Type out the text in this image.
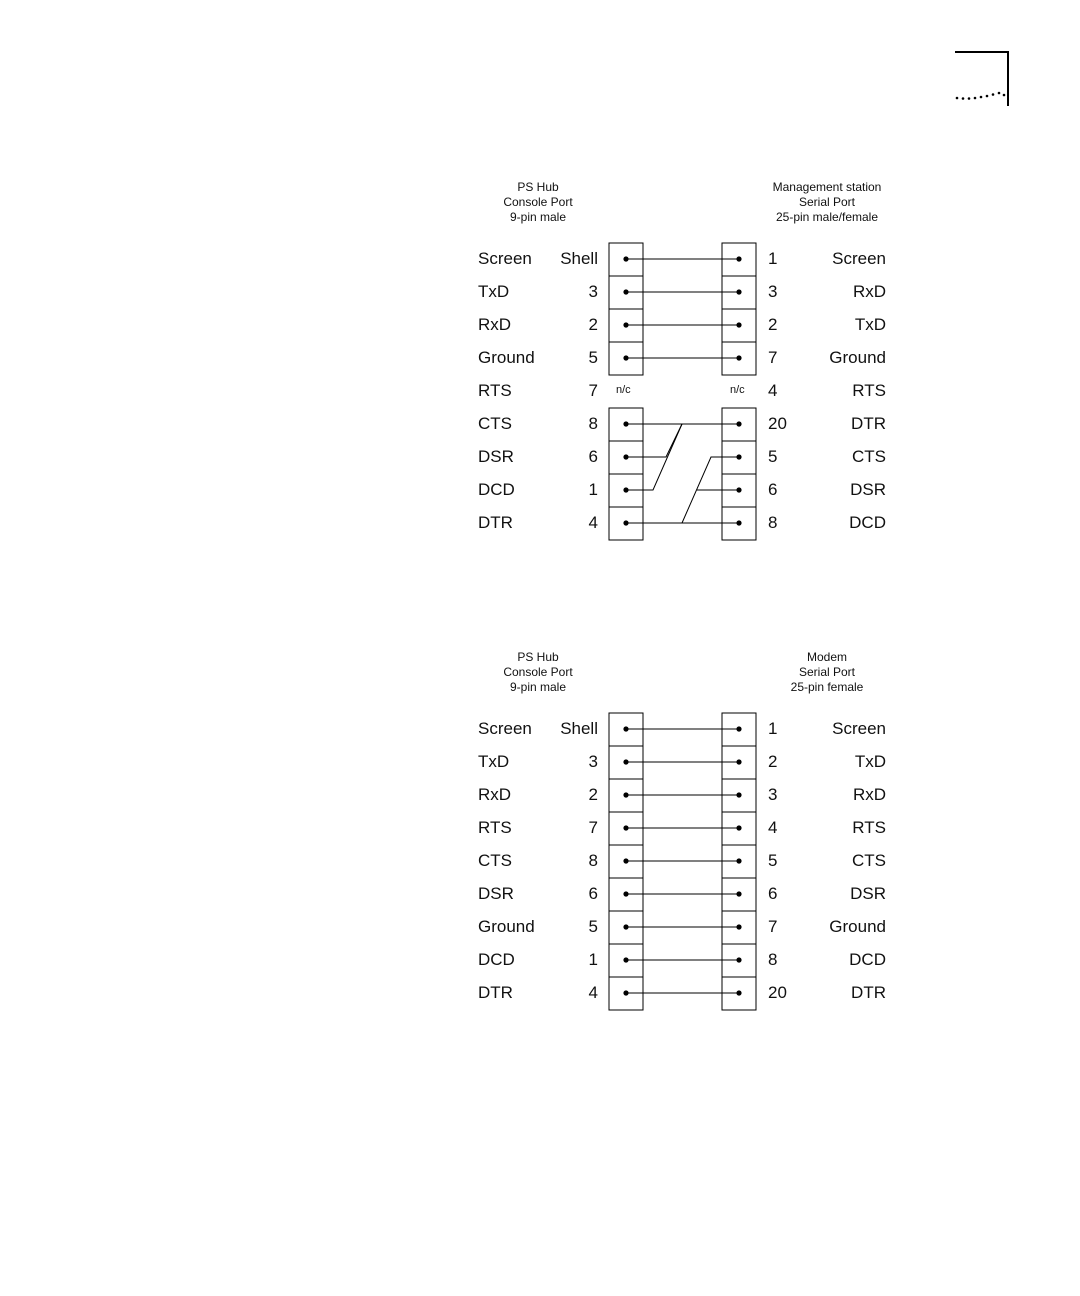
PS Hub
Console Port
9-pin male
Management station
Serial Port
25-pin male/female
Screen Shell	1	Screen
TxD	3	3	RxD
RxD	2	2	TxD
Ground	5	7	Ground
RTS	7	4	RTS
CTS	8	20	DTR
DSR	6	5	CTS
DCD	1	6	DSR
DTR	4	8	DCD
n/c	n/c
PS Hub
Console Port
9-pin male
Modem
Serial Port
25-pin female
Screen Shell	1	Screen
TxD	3	2	TxD
RxD	2	3	RxD
RTS	7	4	RTS
CTS	8	5	CTS
DSR	6	6	DSR
Ground	5	7	Ground
DCD	1	8	DCD
DTR	4	20	DTR
